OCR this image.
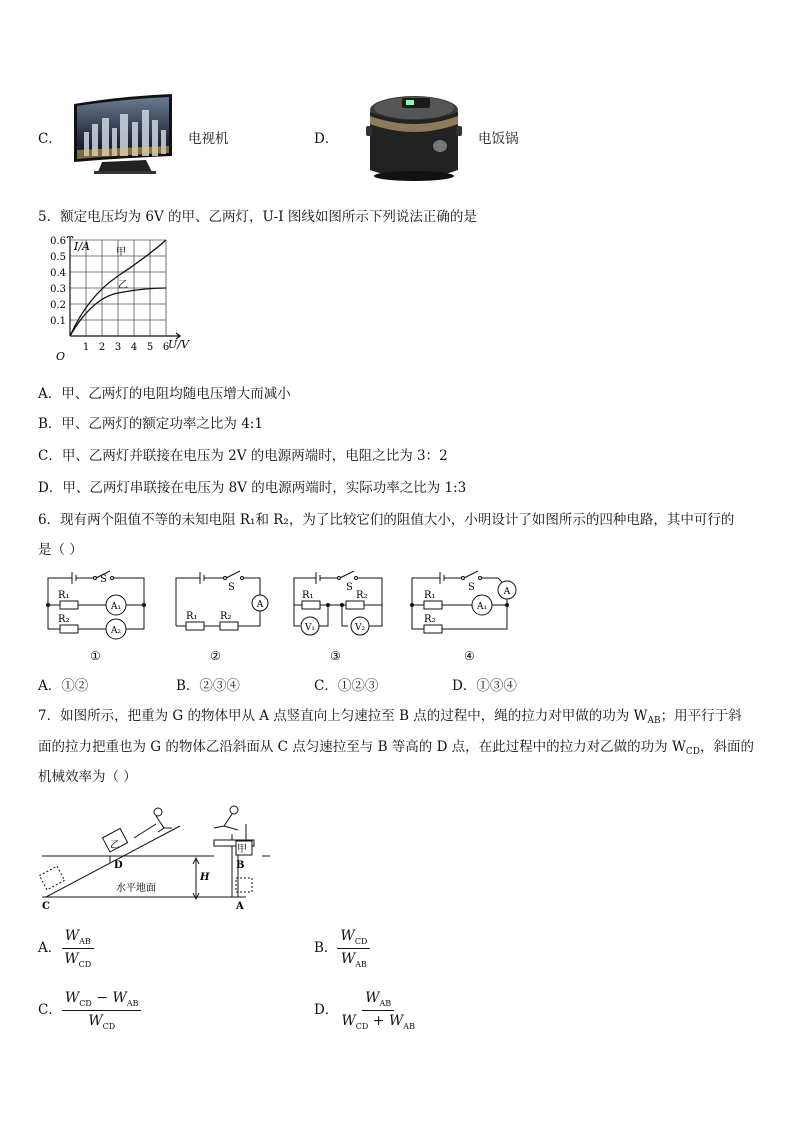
C．	电视机	D．	电饭锅
5．额定电压均为 6V 的甲、乙两灯，U-I 图线如图所示下列说法正确的是
甲
乙
I/A
U/V
O
0.6
0.5
0.4
0.3
0.2
0.1
1 2 3 4 5 6
A．甲、乙两灯的电阻均随电压增大而减小
B．甲、乙两灯的额定功率之比为 4:1
C．甲、乙两灯并联接在电压为 2V 的电源两端时，电阻之比为 3：2
D．甲、乙两灯串联接在电压为 8V 的电源两端时，实际功率之比为 1:3
6．现有两个阻值不等的未知电阻 R₁和 R₂，为了比较它们的阻值大小，小明设计了如图所示的四种电路，其中可行的
是（ ）
S
R₁
R₂
A₁
A₂
①
S
R₁ R₂
A
②
S
R₁	R₂
V₁	V₂
③
S
R₁
R₂
A₁
A
④
A．①②	B．②③④	C．①②③	D．①③④
7．如图所示，把重为 G 的物体甲从 A 点竖直向上匀速拉至 B 点的过程中，绳的拉力对甲做的功为 $W_{AB}$；用平行于斜
面的拉力把重也为 G 的物体乙沿斜面从 C 点匀速拉至与 B 等高的 D 点，在此过程中的拉力对乙做的功为 $W_{CD}$，斜面的
机械效率为（ ）
乙	甲
D	B
H
水平地面
C	A
A． $\frac{W_{AB}}{W_{CD}}$	B． $\frac{W_{CD}}{W_{AB}}$
C． $\frac{W_{CD} - W_{AB}}{W_{CD}}$	D． $\frac{W_{AB}}{W_{CD} + W_{AB}}$
